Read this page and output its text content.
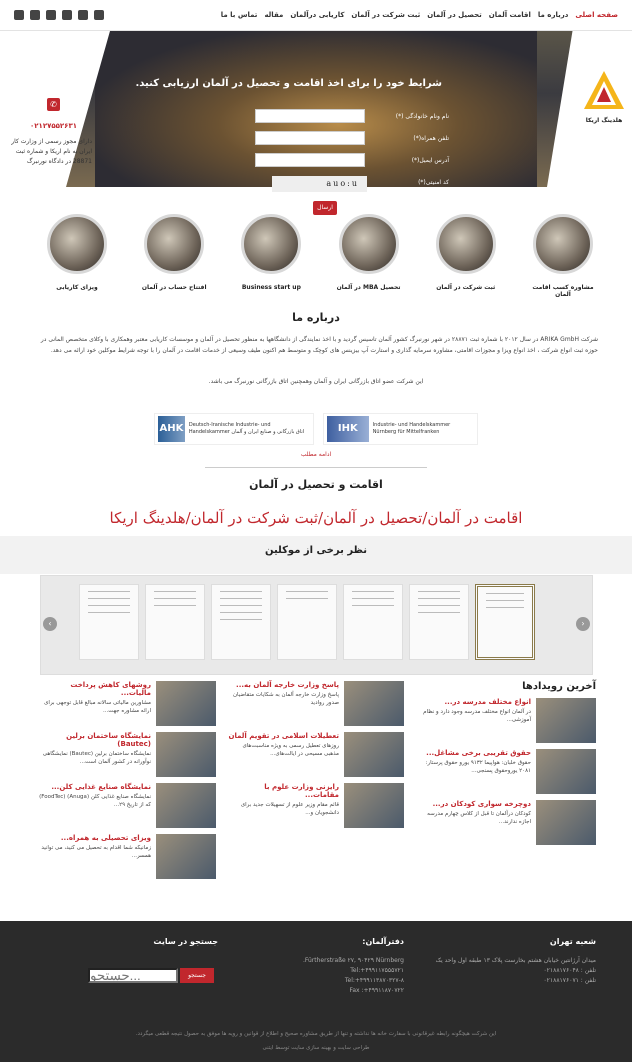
صفحه اصلی
درباره ما
اقامت آلمان
تحصیل در آلمان
ثبت شرکت در آلمان
کاریابی درآلمان
مقاله
تماس با ما
✆
۰۲۱۲۷۵۵۲۶۳۱
دارای مجوز رسمی از وزارت کار ایران به نام اریکا و شماره ثبت 28871 در دادگاه نورنبرگ
هلدینگ اریکا
شرایط خود را برای اخذ اقامت و تحصیل در آلمان ارزیابی کنید.
نام ونام خانوادگی (*)
تلفن همراه(*)
آدرس ایمیل(*)
کد امنیتی(*)
auo:u
ارسال
ویزای کاریابی	افتتاح حساب در آلمان	Business start up	تحصیل MBA در آلمان	ثبت شرکت در آلمان	مشاوره کسب اقامت آلمان
درباره ما
شرکت ARIKA GmbH در سال ۲۰۱۲ با شماره ثبت ۲۸۸۷۱ در شهر نورنبرگ کشور آلمان تاسیس گردید و با اخذ نمایندگی از دانشگاهها به منظور تحصیل در آلمان و موسسات کاریابی معتبر وهمکاری با وکلای متخصص المانی در حوزه ثبت انواع شرکت ، اخذ انواع ویزا و مجوزات اقامتی، مشاوره سرمایه گذاری و استارت آپ بیزینس های کوچک و متوسط هم اکنون طیف وسیعی از خدمات اقامت در آلمان را با توجه شرایط موکلین خود ارائه می دهد.
این شرکت عضو اتاق بازرگانی ایران و آلمان وهمچنین اتاق بازرگانی نورنبرگ می باشد.
AHK	Deutsch-Iranische Industrie- und Handelskammer اتاق بازرگانی و صنایع ایران و آلمان	IHK	Industrie- und Handelskammer Nürnberg für Mittelfranken
ادامه مطلب
اقامت و تحصیل در آلمان
اقامت در آلمان/تحصیل در آلمان/ثبت شرکت در آلمان/هلدینگ اریکا
نظر برخی از موکلین
‹	›
آخرین رویدادها
انواع مختلف مدرسه در...
در آلمان انواع مختلف مدرسه وجود دارد و نظام آموزشی...
حقوق تقریبی برخی مشاغل...
حقوق خلبان: هواپیما ۹۱۳۲ یورو حقوق پرستار: ۲۰۸۱ یوروحقوق پسنجی...
دوچرخه سواری کودکان در...
کودکان درآلمان تا قبل از کلاس چهارم مدرسه اجازه ندارند...
پاسخ وزارت خارجه آلمان به...
پاسخ وزارت خارجه آلمان به شکایات متقاضیان صدور روادید
تعطیلات اسلامی در تقویم آلمان
روزهای تعطیل رسمی به ویژه مناسبت‌های مذهبی مسیحی در ایالت‌های...
رایزنی وزارت علوم با مقامات...
قائم مقام وزیر علوم از تسهیلات جدید برای دانشجویان و...
روشهای کاهش پرداخت مالیات...
مشاورین مالیاتی سالانه مبالغ قابل توجهی برای ارائه مشاوره جهت...
نمایشگاه ساختمان برلین (Bautec)
نمایشگاه ساختمان برلین (Bautec) نمایشگاهی نوآورانه در کشور آلمان است...
نمایشگاه صنایع غذایی کلن...
نمایشگاه صنایع غذایی کلن (Anuga) (FoodTec) که از تاریخ ۲۹...
ویزای تحصیلی به همراه...
زمانیکه شما اقدام به تحصیل می کنید، می توانید همسر...
شعبه تهران

میدان آرژانتین خیابان هشتم بخارست پلاک ۱۳ طبقه اول واحد یک

تلفن : ۰۲۱۸۸۱۷۶۰۴۸

تلفن : ۰۲۱۸۸۱۷۶۰۷۱

دفترآلمان:

Fürther​straße ۲۷, ۹۰۴۲۹ Nürnberg.

Tel:+۴۹۹۱۱۷۵۵۵۷۲۱

Tel:+۴۹۹۱۱۳۸۷۰۳۲۷-۸

Fax :+۴۹۹۱۱۸۷۰۷۲۲

جستجو در سایت
جستجو...
جستجو
این شرکت هیچگونه رابطه غیرقانونی با سفارت خانه ها نداشته و تنها از طریق مشاوره صحیح و اطلاع از قوانین و رویه ها موفق به حصول نتیجه قطعی میگردد.
طراحی سایت و بهینه سازی سایت توسط ایتنی
